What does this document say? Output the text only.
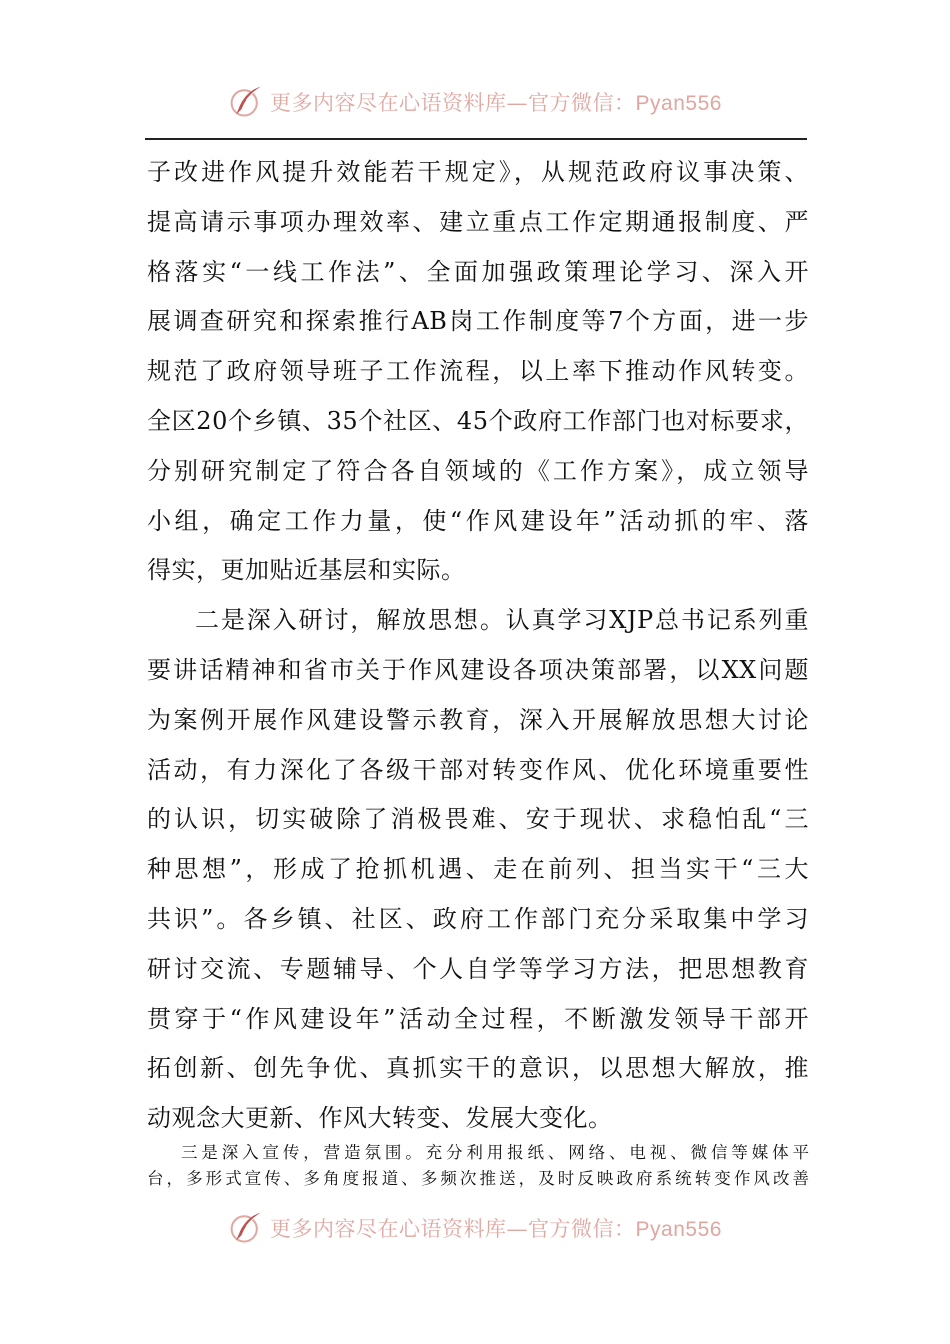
更多内容尽在心语资料库—官方微信：Pyan556
子改进作风提升效能若干规定》，从规范政府议事决策、
提高请示事项办理效率、建立重点工作定期通报制度、严
格落实“一线工作法”、全面加强政策理论学习、深入开
展调查研究和探索推行AB岗工作制度等7个方面，进一步
规范了政府领导班子工作流程，以上率下推动作风转变。
全区20个乡镇、35个社区、45个政府工作部门也对标要求，
分别研究制定了符合各自领域的《工作方案》，成立领导
小组，确定工作力量，使“作风建设年”活动抓的牢、落
得实，更加贴近基层和实际。
二是深入研讨，解放思想。认真学习XJP总书记系列重
要讲话精神和省市关于作风建设各项决策部署，以XX问题
为案例开展作风建设警示教育，深入开展解放思想大讨论
活动，有力深化了各级干部对转变作风、优化环境重要性
的认识，切实破除了消极畏难、安于现状、求稳怕乱“三
种思想”，形成了抢抓机遇、走在前列、担当实干“三大
共识”。各乡镇、社区、政府工作部门充分采取集中学习
研讨交流、专题辅导、个人自学等学习方法，把思想教育
贯穿于“作风建设年”活动全过程，不断激发领导干部开
拓创新、创先争优、真抓实干的意识，以思想大解放，推
动观念大更新、作风大转变、发展大变化。
三是深入宣传，营造氛围。充分利用报纸、网络、电视、微信等媒体平
台，多形式宣传、多角度报道、多频次推送，及时反映政府系统转变作风改善
更多内容尽在心语资料库—官方微信：Pyan556
